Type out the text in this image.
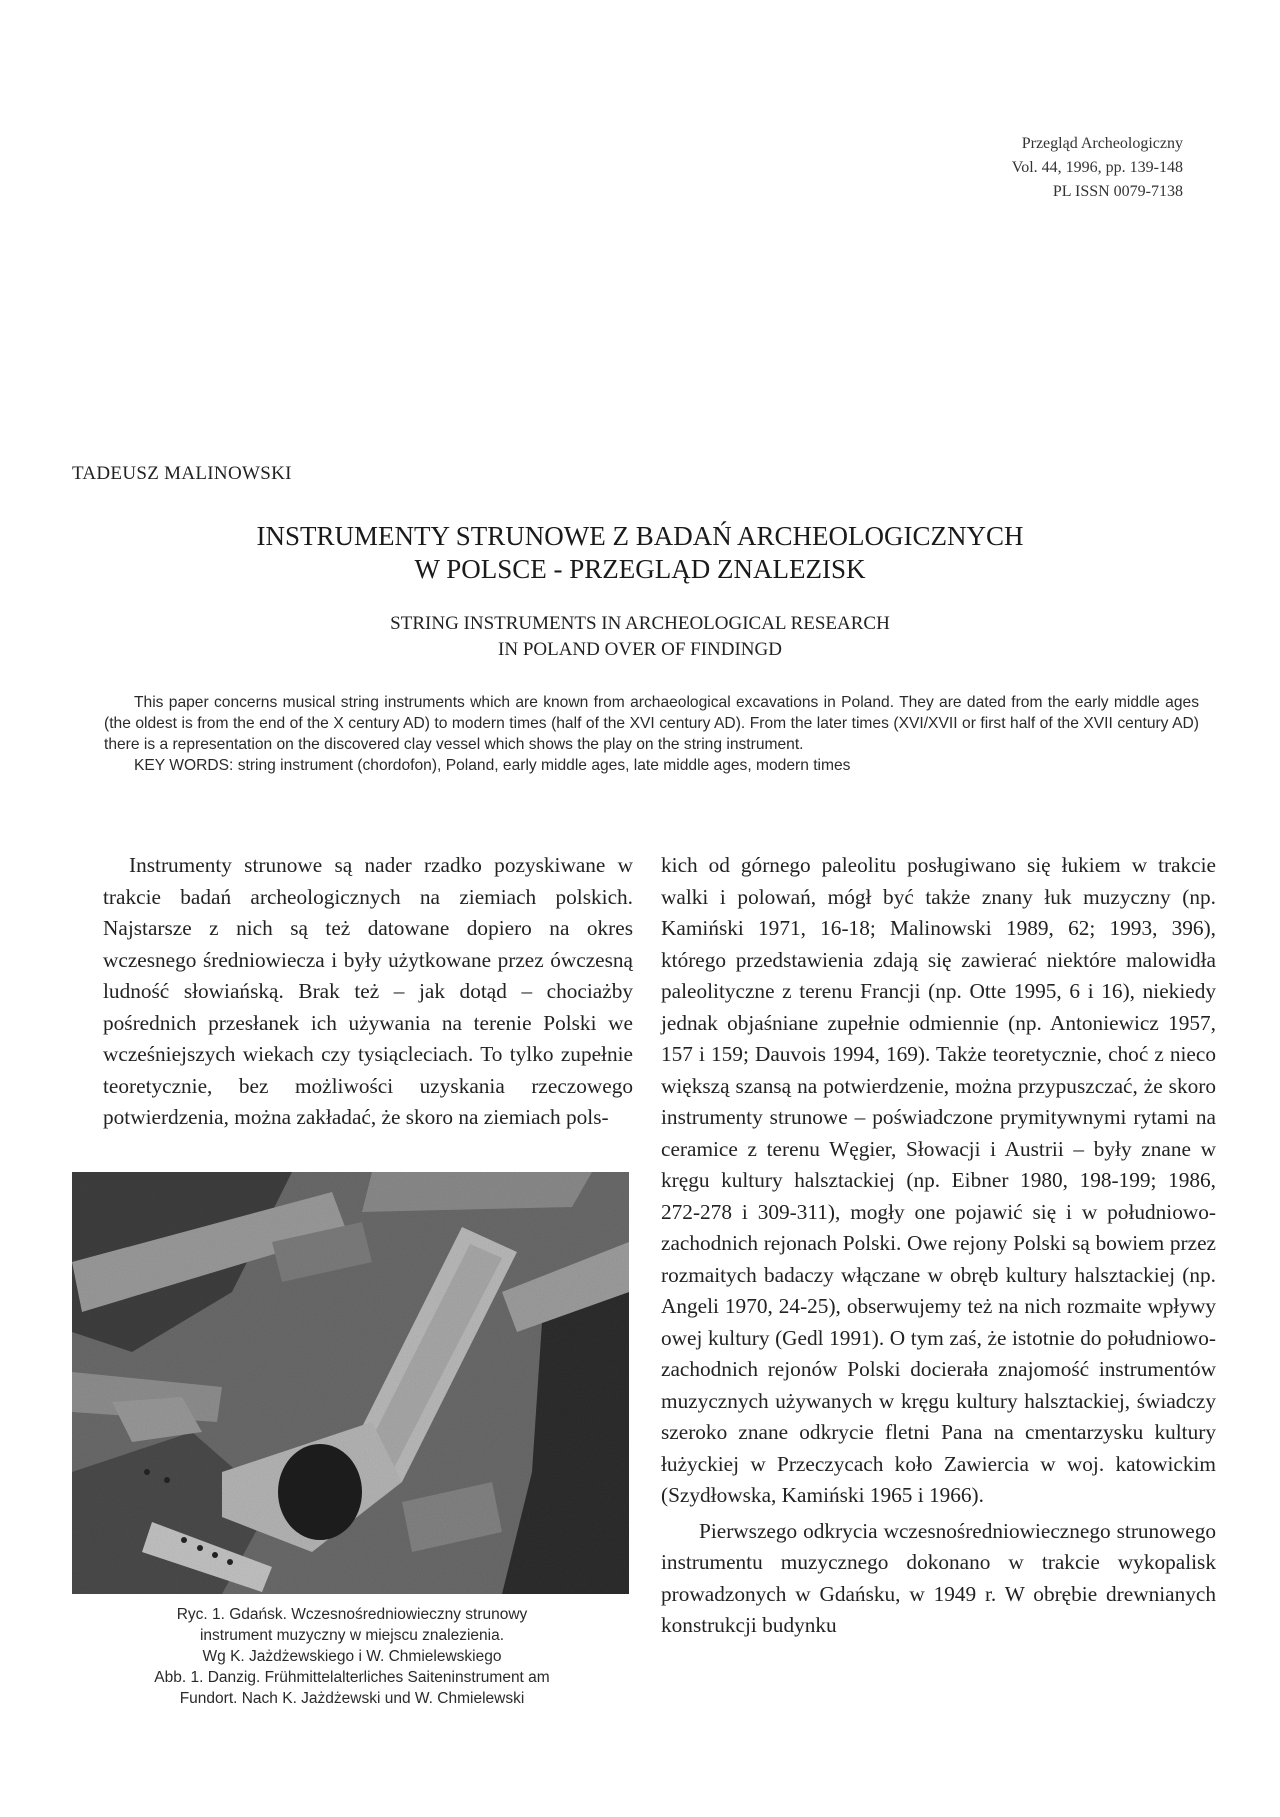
Przegląd Archeologiczny
Vol. 44, 1996, pp. 139-148
PL ISSN 0079-7138
TADEUSZ MALINOWSKI
INSTRUMENTY STRUNOWE Z BADAŃ ARCHEOLOGICZNYCH
W POLSCE - PRZEGLĄD ZNALEZISK
STRING INSTRUMENTS IN ARCHEOLOGICAL RESEARCH
IN POLAND OVER OF FINDINGD

This paper concerns musical string instruments which are known from archaeological excavations in Poland. They are dated from the early middle ages (the oldest is from the end of the X century AD) to modern times (half of the XVI century AD). From the later times (XVI/XVII or first half of the XVII century AD) there is a representation on the discovered clay vessel which shows the play on the string instrument.

KEY WORDS: string instrument (chordofon), Poland, early middle ages, late middle ages, modern times

Instrumenty strunowe są nader rzadko pozyskiwane w trakcie badań archeologicznych na ziemiach polskich. Najstarsze z nich są też datowane dopiero na okres wczesnego średniowiecza i były użytkowane przez ówczesną ludność słowiańską. Brak też – jak dotąd – chociażby pośrednich przesłanek ich używania na terenie Polski we wcześniejszych wiekach czy tysiącleciach. To tylko zupełnie teoretycznie, bez możliwości uzyskania rzeczowego potwierdzenia, można zakładać, że skoro na ziemiach pols-

Ryc. 1. Gdańsk. Wczesnośredniowieczny strunowy
instrument muzyczny w miejscu znalezienia.
Wg K. Jażdżewskiego i W. Chmielewskiego
Abb. 1. Danzig. Frühmittelalterliches Saiteninstrument am
Fundort. Nach K. Jażdżewski und W. Chmielewski

kich od górnego paleolitu posługiwano się łukiem w trakcie walki i polowań, mógł być także znany łuk muzyczny (np. Kamiński 1971, 16-18; Malinowski 1989, 62; 1993, 396), którego przedstawienia zdają się zawierać niektóre malowidła paleolityczne z terenu Francji (np. Otte 1995, 6 i 16), niekiedy jednak objaśniane zupełnie odmiennie (np. Antoniewicz 1957, 157 i 159; Dauvois 1994, 169). Także teoretycznie, choć z nieco większą szansą na potwierdzenie, można przypuszczać, że skoro instrumenty strunowe – poświadczone prymitywnymi rytami na ceramice z terenu Węgier, Słowacji i Austrii – były znane w kręgu kultury halsztackiej (np. Eibner 1980, 198-199; 1986, 272-278 i 309-311), mogły one pojawić się i w południowo-zachodnich rejonach Polski. Owe rejony Polski są bowiem przez rozmaitych badaczy włączane w obręb kultury halsztackiej (np. Angeli 1970, 24-25), obserwujemy też na nich rozmaite wpływy owej kultury (Gedl 1991). O tym zaś, że istotnie do południowo-zachodnich rejonów Polski docierała znajomość instrumentów muzycznych używanych w kręgu kultury halsztackiej, świadczy szeroko znane odkrycie fletni Pana na cmentarzysku kultury łużyckiej w Przeczycach koło Zawiercia w woj. katowickim (Szydłowska, Kamiński 1965 i 1966).

Pierwszego odkrycia wczesnośredniowiecznego strunowego instrumentu muzycznego dokonano w trakcie wykopalisk prowadzonych w Gdańsku, w 1949 r. W obrębie drewnianych konstrukcji budynku
